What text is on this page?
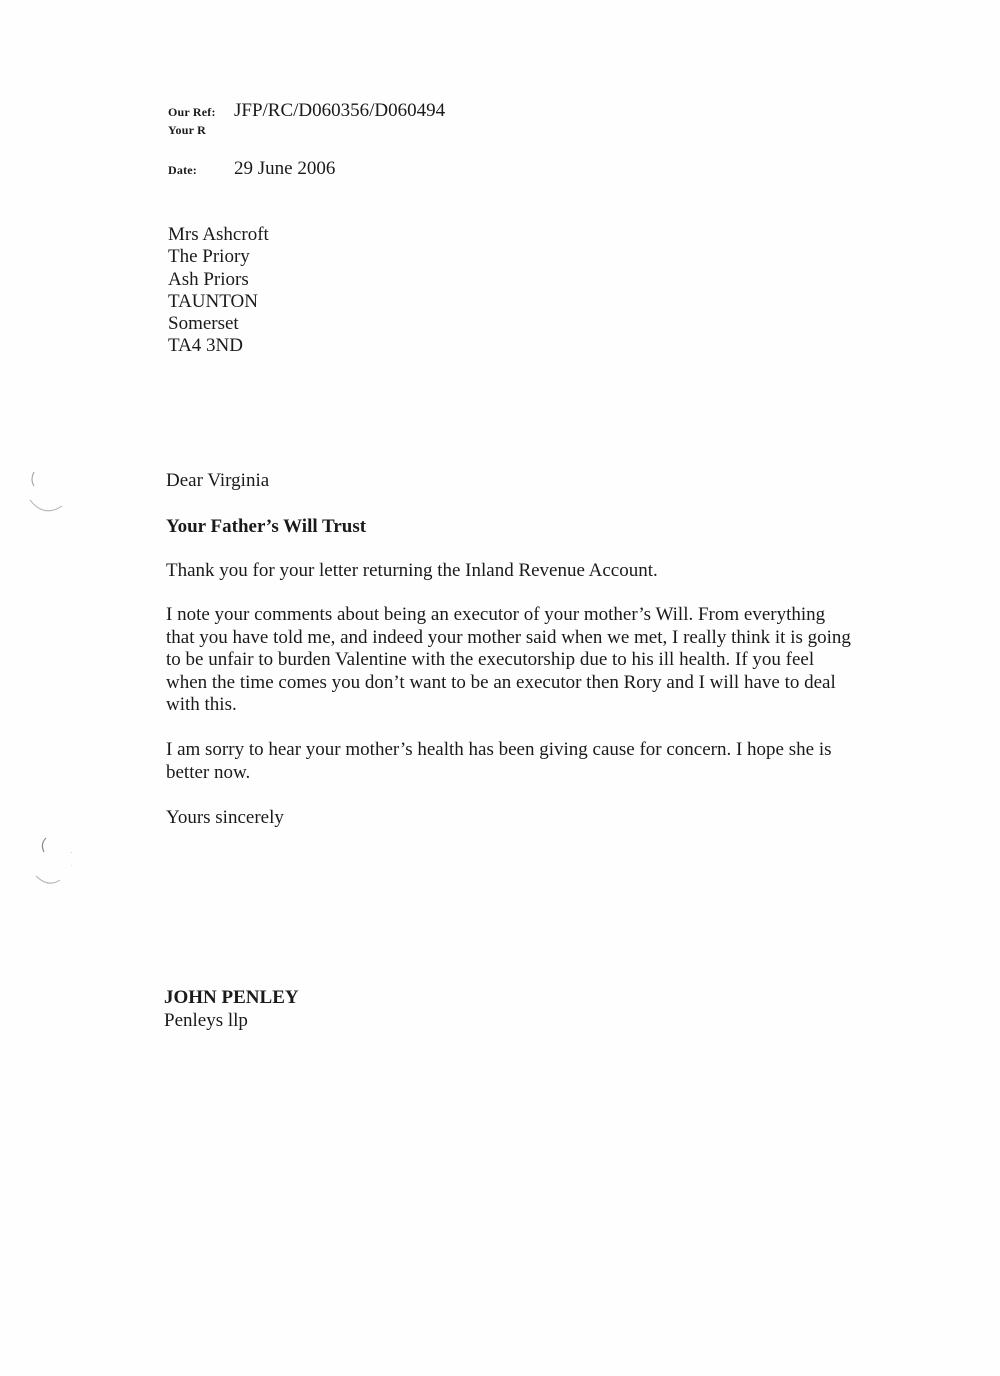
Our Ref: JFP/RC/D060356/D060494
Your R
Date:	29 June 2006
Mrs Ashcroft
The Priory
Ash Priors
TAUNTON
Somerset
TA4 3ND
Dear Virginia
Your Father’s Will Trust
Thank you for your letter returning the Inland Revenue Account.
I note your comments about being an executor of your mother’s Will. From everything that you have told me, and indeed your mother said when we met, I really think it is going to be unfair to burden Valentine with the executorship due to his ill health. If you feel when the time comes you don’t want to be an executor then Rory and I will have to deal with this.
I am sorry to hear your mother’s health has been giving cause for concern. I hope she is better now.
Yours sincerely
JOHN PENLEY
Penleys llp
